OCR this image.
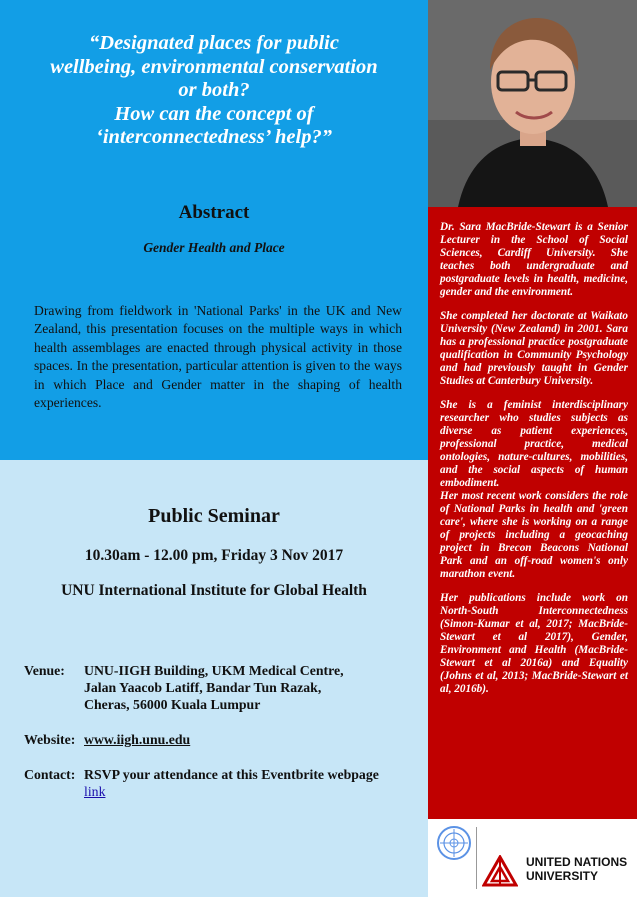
“Designated places for public
wellbeing, environmental conservation
or both?
How can the concept of
‘interconnectedness’ help?”
Abstract
Gender Health and Place

Drawing from fieldwork in 'National Parks' in the UK and New Zealand, this presentation focuses on the multiple ways in which health assemblages are enacted through physical activity in those spaces. In the presentation, particular attention is given to the ways in which Place and Gender matter in the shaping of health experiences.

Public Seminar
10.30am - 12.00 pm, Friday 3 Nov 2017
UNU International Institute for Global Health
Venue: UNU-IIGH Building, UKM Medical Centre,
Jalan Yaacob Latiff, Bandar Tun Razak,
Cheras, 56000 Kuala Lumpur
Website: www.iigh.unu.edu
Contact: RSVP your attendance at this Eventbrite webpage
link

Dr. Sara MacBride-Stewart is a Senior Lecturer in the School of Social Sciences, Cardiff University. She teaches both undergraduate and postgraduate levels in health, medicine, gender and the environment.

She completed her doctorate at Waikato University (New Zealand) in 2001. Sara has a professional practice postgraduate qualification in Community Psychology and had previously taught in Gender Studies at Canterbury University.

She is a feminist interdisciplinary researcher who studies subjects as diverse as patient experiences, professional practice, medical ontologies, nature-cultures, mobilities, and the social aspects of human embodiment.

Her most recent work considers the role of National Parks in health and 'green care', where she is working on a range of projects including a geocaching project in Brecon Beacons National Park and an off-road women's only marathon event.

Her publications include work on North-South Interconnectedness (Simon-Kumar et al, 2017; MacBride-Stewart et al 2017), Gender, Environment and Health (MacBride-Stewart et al 2016a) and Equality (Johns et al, 2013; MacBride-Stewart et al, 2016b).

UNITED NATIONS
UNIVERSITY
